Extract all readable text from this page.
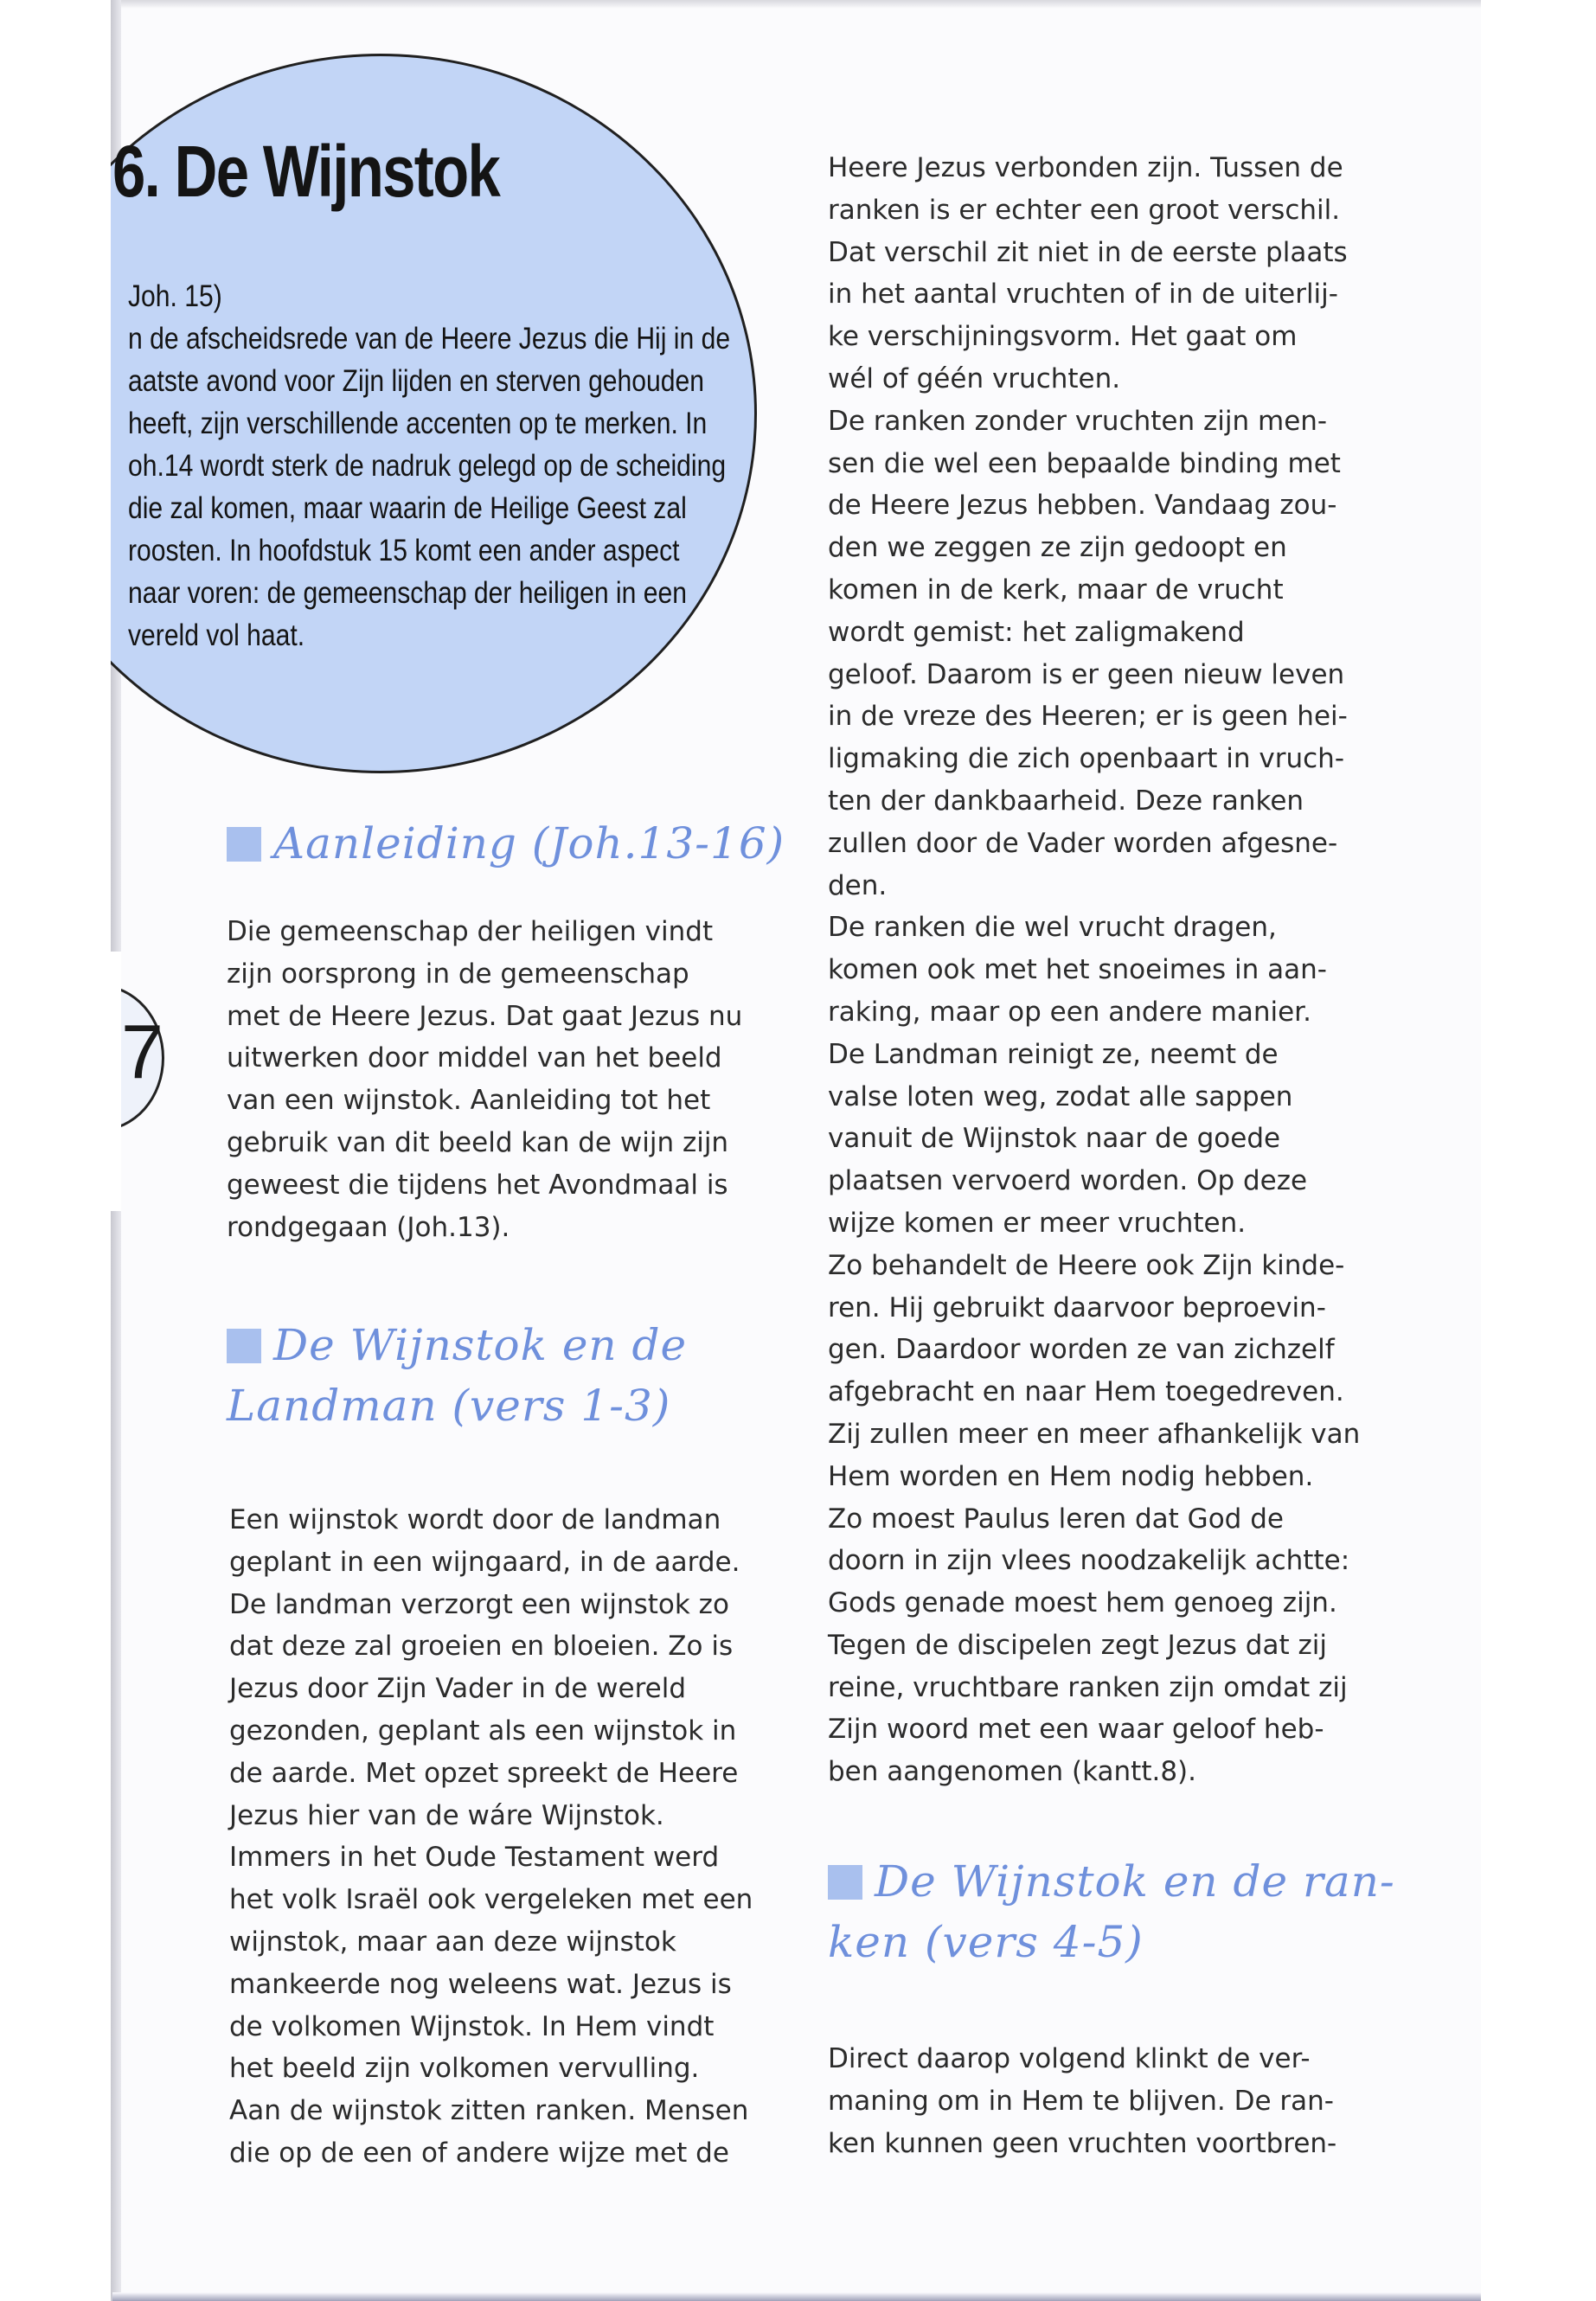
7
6. De Wijnstok

Joh. 15)

n de afscheidsrede van de Heere Jezus die Hij in de

aatste avond voor Zijn lijden en sterven gehouden

heeft, zijn verschillende accenten op te merken. In

oh.14 wordt sterk de nadruk gelegd op de scheiding

die zal komen, maar waarin de Heilige Geest zal

roosten. In hoofdstuk 15 komt een ander aspect

naar voren: de gemeenschap der heiligen in een

vereld vol haat.

Aanleiding (Joh.13-16)

Die gemeenschap der heiligen vindt

zijn oorsprong in de gemeenschap

met de Heere Jezus. Dat gaat Jezus nu

uitwerken door middel van het beeld

van een wijnstok. Aanleiding tot het

gebruik van dit beeld kan de wijn zijn

geweest die tijdens het Avondmaal is

rondgegaan (Joh.13).

De Wijnstok en de
Landman (vers 1-3)

Een wijnstok wordt door de landman

geplant in een wijngaard, in de aarde.

De landman verzorgt een wijnstok zo

dat deze zal groeien en bloeien. Zo is

Jezus door Zijn Vader in de wereld

gezonden, geplant als een wijnstok in

de aarde. Met opzet spreekt de Heere

Jezus hier van de wáre Wijnstok.

Immers in het Oude Testament werd

het volk Israël ook vergeleken met een

wijnstok, maar aan deze wijnstok

mankeerde nog weleens wat. Jezus is

de volkomen Wijnstok. In Hem vindt

het beeld zijn volkomen vervulling.

Aan de wijnstok zitten ranken. Mensen

die op de een of andere wijze met de

Heere Jezus verbonden zijn. Tussen de

ranken is er echter een groot verschil.

Dat verschil zit niet in de eerste plaats

in het aantal vruchten of in de uiterlij-

ke verschijningsvorm. Het gaat om

wél of géén vruchten.

De ranken zonder vruchten zijn men-

sen die wel een bepaalde binding met

de Heere Jezus hebben. Vandaag zou-

den we zeggen ze zijn gedoopt en

komen in de kerk, maar de vrucht

wordt gemist: het zaligmakend

geloof. Daarom is er geen nieuw leven

in de vreze des Heeren; er is geen hei-

ligmaking die zich openbaart in vruch-

ten der dankbaarheid. Deze ranken

zullen door de Vader worden afgesne-

den.

De ranken die wel vrucht dragen,

komen ook met het snoeimes in aan-

raking, maar op een andere manier.

De Landman reinigt ze, neemt de

valse loten weg, zodat alle sappen

vanuit de Wijnstok naar de goede

plaatsen vervoerd worden. Op deze

wijze komen er meer vruchten.

Zo behandelt de Heere ook Zijn kinde-

ren. Hij gebruikt daarvoor beproevin-

gen. Daardoor worden ze van zichzelf

afgebracht en naar Hem toegedreven.

Zij zullen meer en meer afhankelijk van

Hem worden en Hem nodig hebben.

Zo moest Paulus leren dat God de

doorn in zijn vlees noodzakelijk achtte:

Gods genade moest hem genoeg zijn.

Tegen de discipelen zegt Jezus dat zij

reine, vruchtbare ranken zijn omdat zij

Zijn woord met een waar geloof heb-

ben aangenomen (kantt.8).

De Wijnstok en de ran-
ken (vers 4-5)

Direct daarop volgend klinkt de ver-

maning om in Hem te blijven. De ran-

ken kunnen geen vruchten voortbren-
